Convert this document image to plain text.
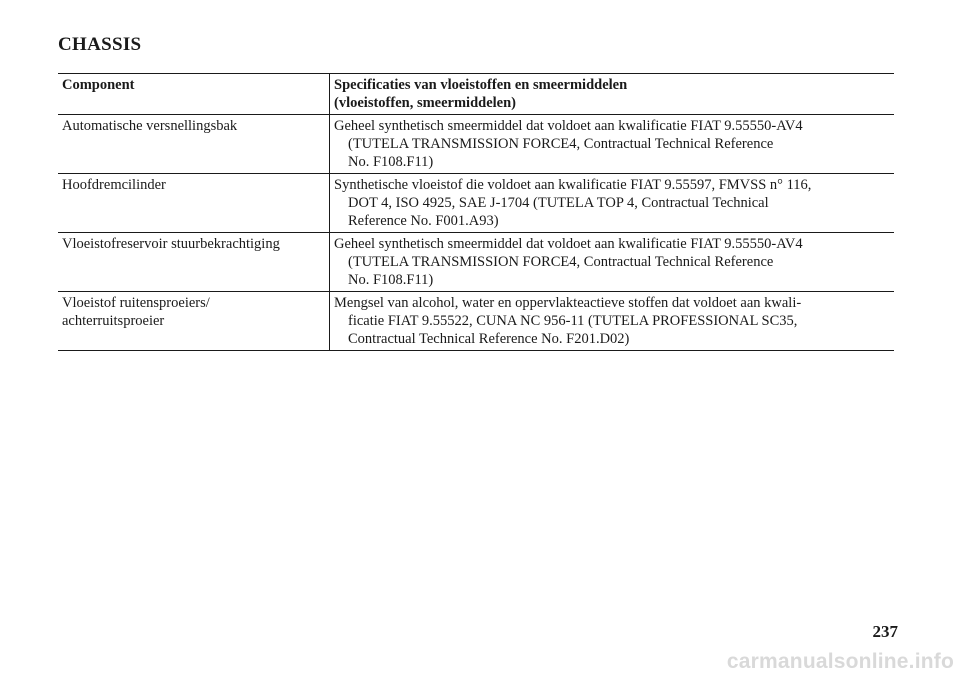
CHASSIS
Component	Specificaties van vloeistoffen en smeermiddelen
(vloeistoffen, smeermiddelen)

Automatische versnellingsbak	Geheel synthetisch smeermiddel dat voldoet aan kwalificatie FIAT 9.55550-AV4
(TUTELA TRANSMISSION FORCE4, Contractual Technical Reference
No. F108.F11)

Hoofdremcilinder	Synthetische vloeistof die voldoet aan kwalificatie FIAT 9.55597, FMVSS n° 116,
DOT 4, ISO 4925, SAE J-1704 (TUTELA TOP 4, Contractual Technical
Reference No. F001.A93)

Vloeistofreservoir stuurbekrachtiging	Geheel synthetisch smeermiddel dat voldoet aan kwalificatie FIAT 9.55550-AV4
(TUTELA TRANSMISSION FORCE4, Contractual Technical Reference
No. F108.F11)

Vloeistof ruitensproeiers/
achterruitsproeier	Mengsel van alcohol, water en oppervlakteactieve stoffen dat voldoet aan kwali-
ficatie FIAT 9.55522, CUNA NC 956-11 (TUTELA PROFESSIONAL SC35,
Contractual Technical Reference No. F201.D02)
237
carmanualsonline.info
